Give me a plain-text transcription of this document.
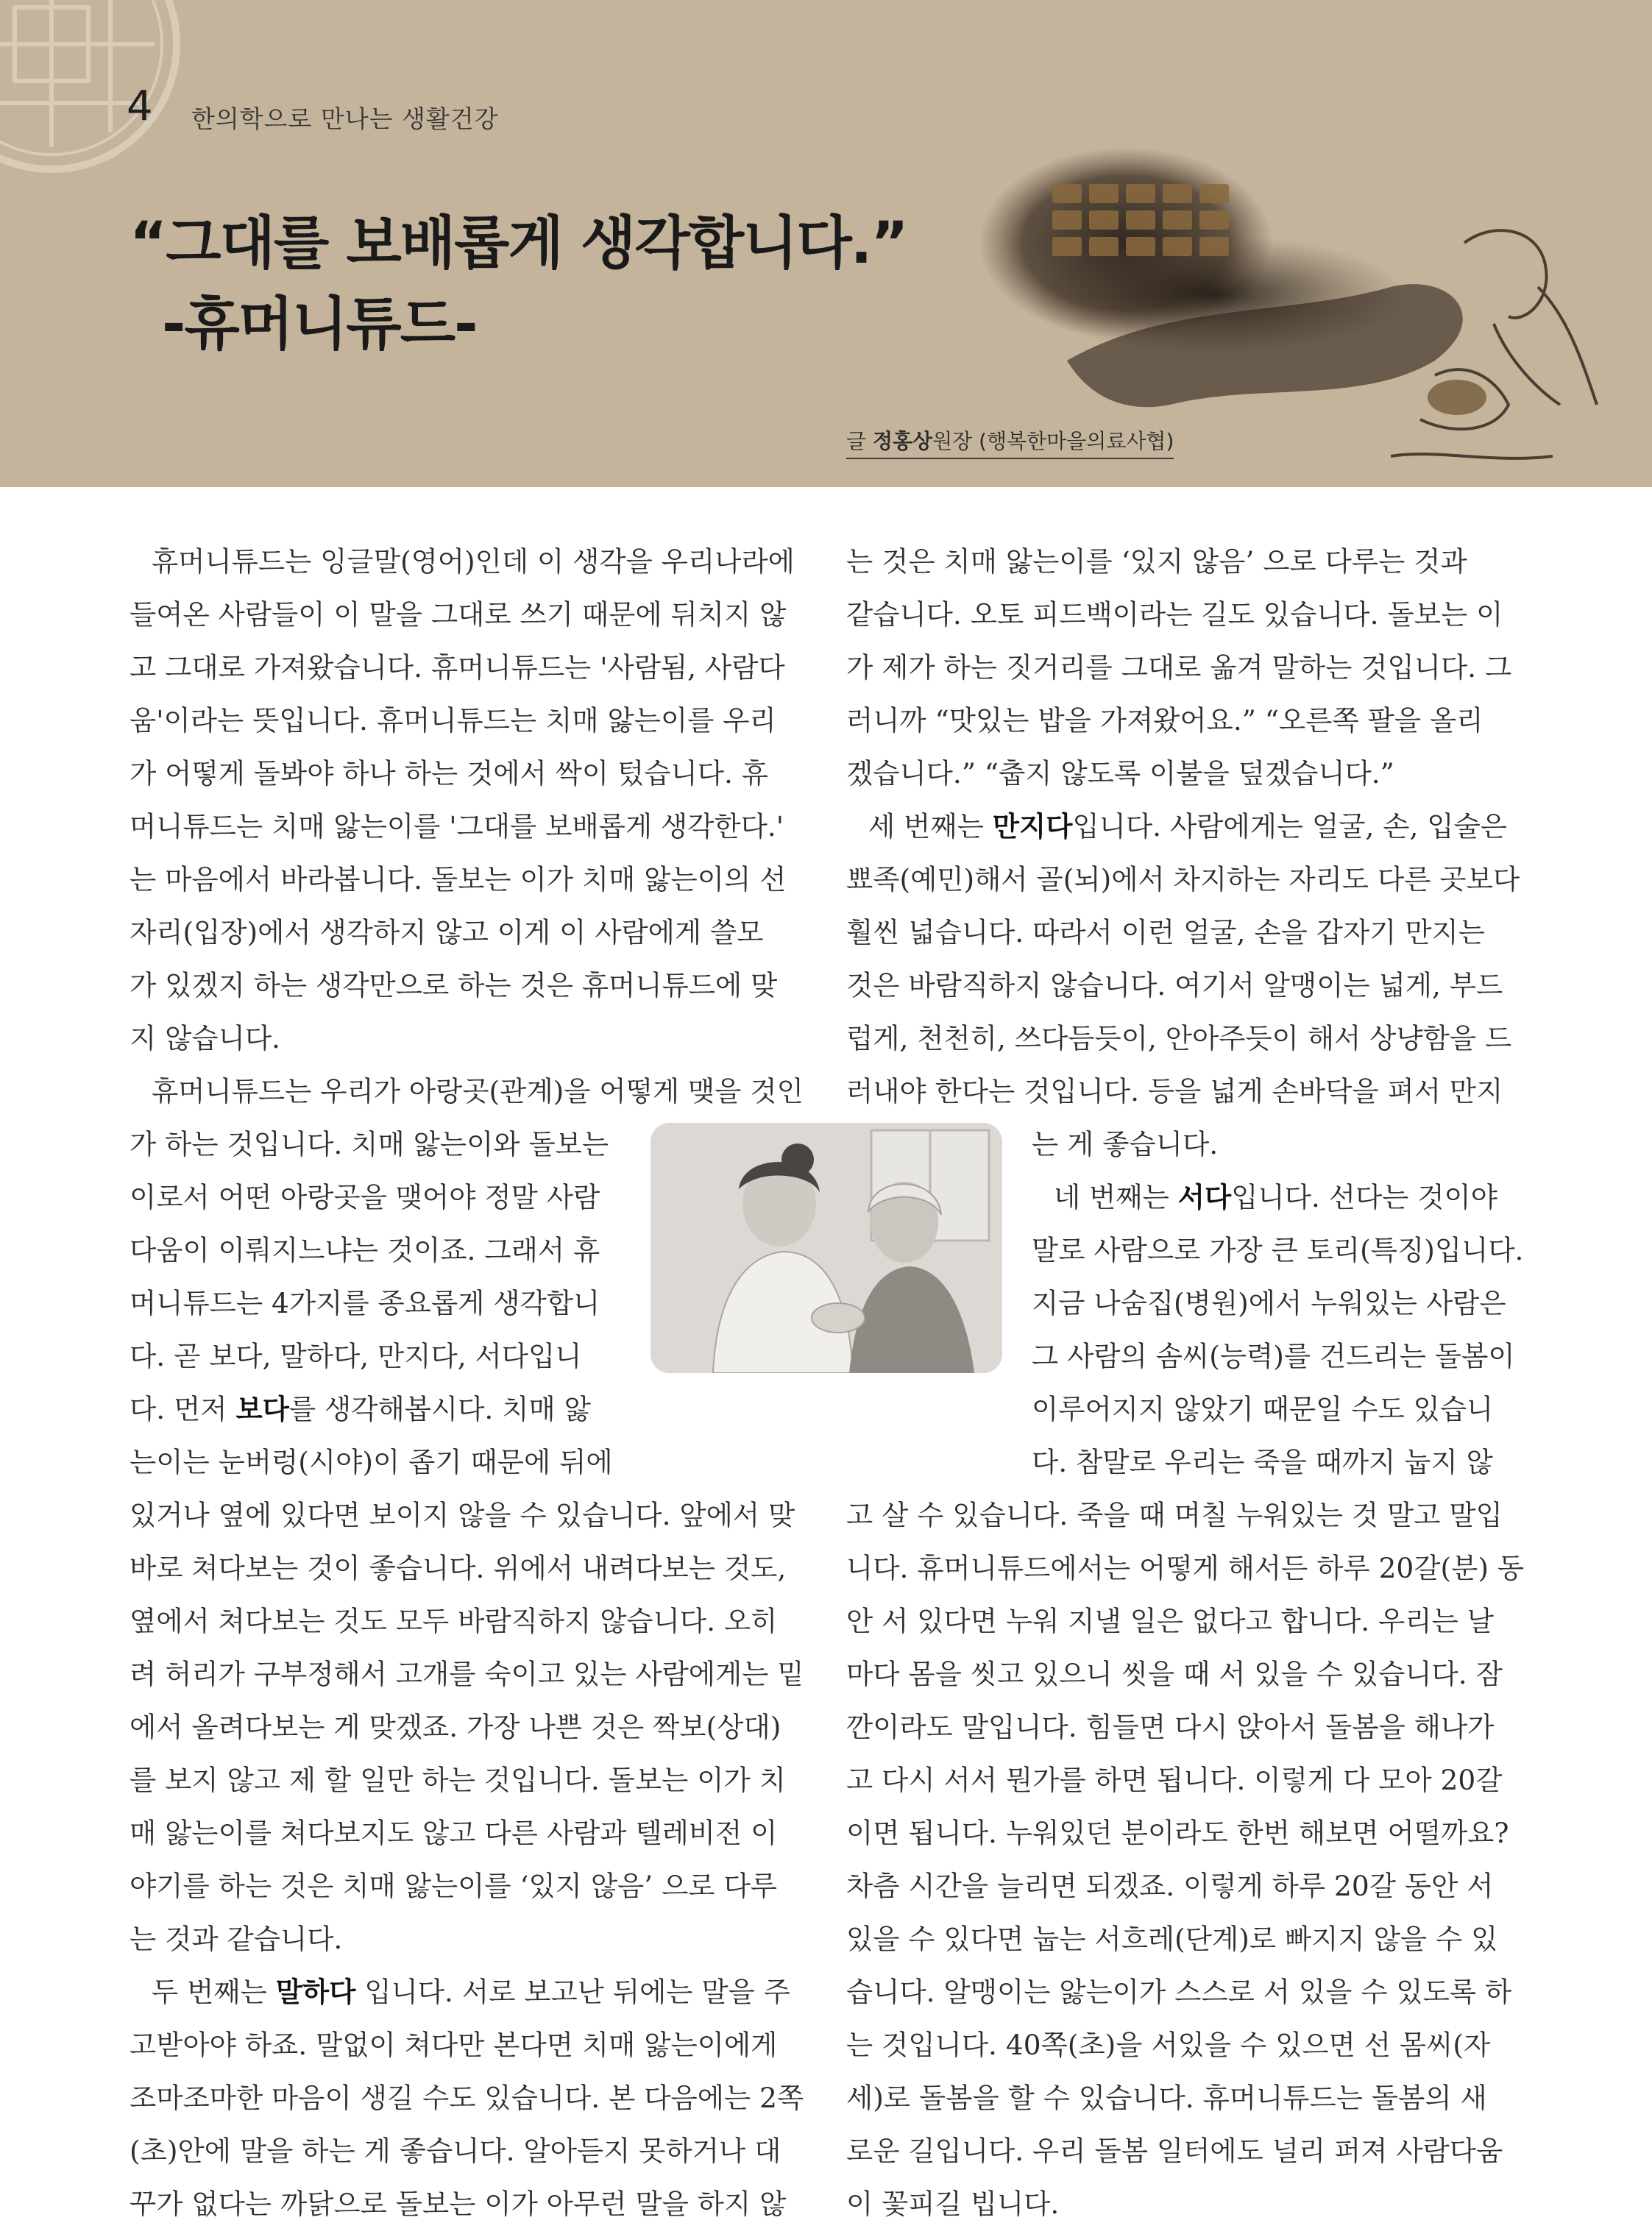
4 한의학으로 만나는 생활건강
“그대를 보배롭게 생각합니다.”
-휴머니튜드-
글 정홍상원장 (행복한마을의료사협)
휴머니튜드는 잉글말(영어)인데 이 생각을 우리나라에
들여온 사람들이 이 말을 그대로 쓰기 때문에 뒤치지 않
고 그대로 가져왔습니다. 휴머니튜드는 '사람됨, 사람다
움'이라는 뜻입니다. 휴머니튜드는 치매 앓는이를 우리
가 어떻게 돌봐야 하나 하는 것에서 싹이 텄습니다. 휴
머니튜드는 치매 앓는이를 '그대를 보배롭게 생각한다.'
는 마음에서 바라봅니다. 돌보는 이가 치매 앓는이의 선
자리(입장)에서 생각하지 않고 이게 이 사람에게 쓸모
가 있겠지 하는 생각만으로 하는 것은 휴머니튜드에 맞
지 않습니다.
휴머니튜드는 우리가 아랑곳(관계)을 어떻게 맺을 것인
가 하는 것입니다. 치매 앓는이와 돌보는
이로서 어떤 아랑곳을 맺어야 정말 사람
다움이 이뤄지느냐는 것이죠. 그래서 휴
머니튜드는 4가지를 종요롭게 생각합니
다. 곧 보다, 말하다, 만지다, 서다입니
다. 먼저 보다를 생각해봅시다. 치매 앓
는이는 눈버렁(시야)이 좁기 때문에 뒤에
있거나 옆에 있다면 보이지 않을 수 있습니다. 앞에서 맞
바로 쳐다보는 것이 좋습니다. 위에서 내려다보는 것도,
옆에서 쳐다보는 것도 모두 바람직하지 않습니다. 오히
려 허리가 구부정해서 고개를 숙이고 있는 사람에게는 밑
에서 올려다보는 게 맞겠죠. 가장 나쁜 것은 짝보(상대)
를 보지 않고 제 할 일만 하는 것입니다. 돌보는 이가 치
매 앓는이를 쳐다보지도 않고 다른 사람과 텔레비전 이
야기를 하는 것은 치매 앓는이를 ‘있지 않음’ 으로 다루
는 것과 같습니다.
두 번째는 말하다 입니다. 서로 보고난 뒤에는 말을 주
고받아야 하죠. 말없이 쳐다만 본다면 치매 앓는이에게
조마조마한 마음이 생길 수도 있습니다. 본 다음에는 2쪽
(초)안에 말을 하는 게 좋습니다. 알아듣지 못하거나 대
꾸가 없다는 까닭으로 돌보는 이가 아무런 말을 하지 않
는 것은 치매 앓는이를 ‘있지 않음’ 으로 다루는 것과
같습니다. 오토 피드백이라는 길도 있습니다. 돌보는 이
가 제가 하는 짓거리를 그대로 옮겨 말하는 것입니다. 그
러니까 “맛있는 밥을 가져왔어요.” “오른쪽 팔을 올리
겠습니다.” “춥지 않도록 이불을 덮겠습니다.”
세 번째는 만지다입니다. 사람에게는 얼굴, 손, 입술은
뾰족(예민)해서 골(뇌)에서 차지하는 자리도 다른 곳보다
훨씬 넓습니다. 따라서 이런 얼굴, 손을 갑자기 만지는
것은 바람직하지 않습니다. 여기서 알맹이는 넓게, 부드
럽게, 천천히, 쓰다듬듯이, 안아주듯이 해서 상냥함을 드
러내야 한다는 것입니다. 등을 넓게 손바닥을 펴서 만지
는 게 좋습니다.
네 번째는 서다입니다. 선다는 것이야
말로 사람으로 가장 큰 토리(특징)입니다.
지금 나숨집(병원)에서 누워있는 사람은
그 사람의 솜씨(능력)를 건드리는 돌봄이
이루어지지 않았기 때문일 수도 있습니
다. 참말로 우리는 죽을 때까지 눕지 않
고 살 수 있습니다. 죽을 때 며칠 누워있는 것 말고 말입
니다. 휴머니튜드에서는 어떻게 해서든 하루 20갈(분) 동
안 서 있다면 누워 지낼 일은 없다고 합니다. 우리는 날
마다 몸을 씻고 있으니 씻을 때 서 있을 수 있습니다. 잠
깐이라도 말입니다. 힘들면 다시 앉아서 돌봄을 해나가
고 다시 서서 뭔가를 하면 됩니다. 이렇게 다 모아 20갈
이면 됩니다. 누워있던 분이라도 한번 해보면 어떨까요?
차츰 시간을 늘리면 되겠죠. 이렇게 하루 20갈 동안 서
있을 수 있다면 눕는 서흐레(단계)로 빠지지 않을 수 있
습니다. 알맹이는 앓는이가 스스로 서 있을 수 있도록 하
는 것입니다. 40쪽(초)을 서있을 수 있으면 선 몸씨(자
세)로 돌봄을 할 수 있습니다. 휴머니튜드는 돌봄의 새
로운 길입니다. 우리 돌봄 일터에도 널리 퍼져 사람다움
이 꽃피길 빕니다.
